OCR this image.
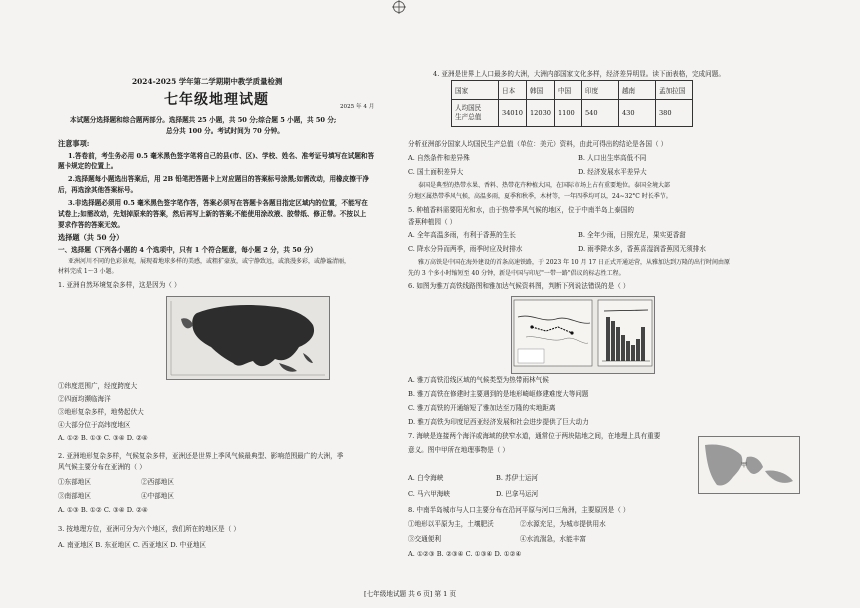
2024-2025 学年第二学期期中教学质量检测
七年级地理试题	2025 年 4 月
本试题分选择题和综合题两部分。选择题共 25 小题，共 50 分;综合题 5 小题，共 50 分;
总分共 100 分。考试时间为 70 分钟。
注意事项:
1.答卷前，考生务必用 0.5 毫米黑色签字笔将自己的县(市、区)、学校、姓名、准考证号填写在试题和答
题卡规定的位置上。
2.选择题每小题选出答案后，用 2B 铅笔把答题卡上对应题目的答案标号涂黑;如需改动，用橡皮擦干净
后，再选涂其他答案标号。
3.非选择题必须用 0.5 毫米黑色签字笔作答，答案必须写在答题卡各题目指定区域内的位置，不能写在
试卷上;如需改动，先划掉原来的答案，然后再写上新的答案;不能使用涂改液、胶带纸、修正带。不按以上
要求作答的答案无效。
选择题（共 50 分）
一、选择题（下列各小题的 4 个选项中，只有 1 个符合题意，每小题 2 分，共 50 分）
亚洲河川不同的色彩景观，展现着地球多样的美感，或粗犷豪放，或宁静致远，或浪漫多彩，或静谧清丽，
材料完成 1～3 小题。
1. 亚洲自然环境复杂多样，这是因为（ ）
①纬度范围广，经度跨度大
②四面均濒临海洋
③地形复杂多样，地势起伏大
④大部分位于高纬度地区
A. ①② B. ①③ C. ③④ D. ②④
2. 亚洲地形复杂多样，气候复杂多样，亚洲还是世界上季风气候最典型、影响范围最广的大洲，季
风气候主要分布在亚洲的（ ）
①东部地区	②西部地区
③南部地区	④中部地区
A. ①③ B. ①② C. ③④ D. ②④
3. 按地理方位，亚洲可分为六个地区，我们所在的地区是（ ）
A. 南亚地区 B. 东亚地区 C. 西亚地区 D. 中亚地区
4. 亚洲是世界上人口最多的大洲，大洲内部国家文化多样，经济差异明显。读下面表格，完成问题。
国家	日本	韩国	中国	印度	越南	孟加拉国
人均国民
生产总值	34010	12030	1100	540	430	380
分析亚洲部分国家人均国民生产总值（单位：美元）资料，由此可得出的结论是各国（ ）
A. 自然条件和差异殊	B. 人口出生率高低不同
C. 国土面积差异大	D. 经济发展水平差异大
泰国是典型的热带水果、香料、热带花卉种植大国，在国际市场上占有重要地位。泰国全境大部
分地区属热带季风气候，高温多雨，夏季和秋季，木材等，一年四季均可以，24~32°C 时长季节。
5. 种植香料需要阳光和水，由于热带季风气候的地区，位于中南半岛上泰国的
香蕉种植园（ ）
A. 全年高温多雨，有利于香蕉的生长	B. 全年少雨，日照充足，果实更香甜
C. 降水分异而两季，雨季时应及时排水	D. 雨季降水多，香蕉喜湿润香蕉园无须排水
雅万高铁是中国在海外建设的首条高速铁路，于 2023 年 10 月 17 日正式开通运营，从雅加达到万隆的出行时间由原
先的 3 个多小时缩短至 40 分钟，新是中国与印尼"一带一路"倡议的标志性工程。
6. 如图为雅万高铁线路图和雅加达气候资料图，判断下列说法错误的是（ ）
A. 雅万高铁沿线区域的气候类型为热带雨林气候
B. 雅万高铁在修建时主要遇到的是地形崎岖修建难度大等问题
C. 雅万高铁的开通缩短了雅加达至万隆的实地距离
D. 雅万高铁为印度尼西亚经济发展和社会进步提供了巨大动力
7. 海峡是连接两个海洋或海域的狭窄水道，通常位于两块陆地之间，在地理上具有重要
意义。图中甲所在地理事物是（ ）
甲
A. 白令海峡	B. 苏伊士运河
C. 马六甲海峡	D. 巴拿马运河
8. 中南半岛城市与人口主要分布在沿河平原与河口三角洲，主要原因是（ ）
①地形以平原为主，土壤肥沃	②水源充足，为城市提供用水
③交通便利	④水流湍急，水能丰富
A. ①②③ B. ②③④ C. ①③④ D. ①②④
[七年级地试题 共 6 页] 第 1 页
